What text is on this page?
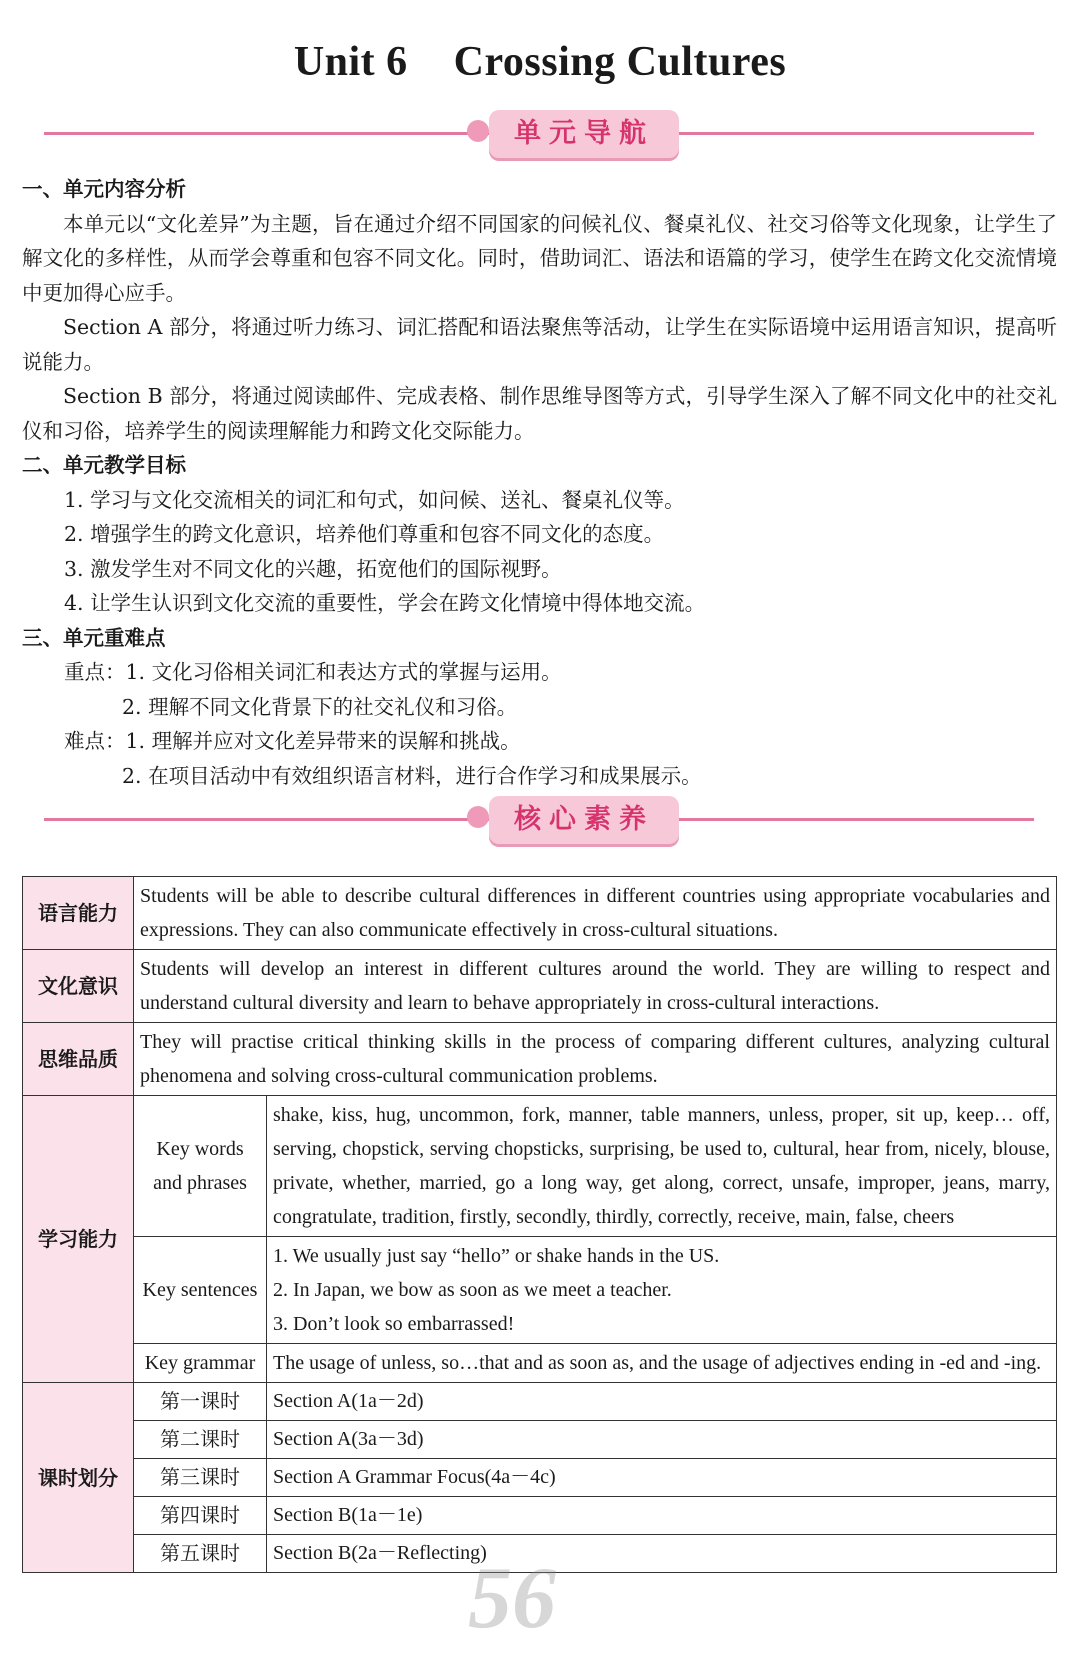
Unit 6 Crossing Cultures
单元导航
一、单元内容分析
本单元以“文化差异”为主题，旨在通过介绍不同国家的问候礼仪、餐桌礼仪、社交习俗等文化现象，让学生了解文化的多样性，从而学会尊重和包容不同文化。同时，借助词汇、语法和语篇的学习，使学生在跨文化交流情境中更加得心应手。
Section A 部分，将通过听力练习、词汇搭配和语法聚焦等活动，让学生在实际语境中运用语言知识，提高听说能力。
Section B 部分，将通过阅读邮件、完成表格、制作思维导图等方式，引导学生深入了解不同文化中的社交礼仪和习俗，培养学生的阅读理解能力和跨文化交际能力。
二、单元教学目标
1. 学习与文化交流相关的词汇和句式，如问候、送礼、餐桌礼仪等。
2. 增强学生的跨文化意识，培养他们尊重和包容不同文化的态度。
3. 激发学生对不同文化的兴趣，拓宽他们的国际视野。
4. 让学生认识到文化交流的重要性，学会在跨文化情境中得体地交流。
三、单元重难点
重点：1. 文化习俗相关词汇和表达方式的掌握与运用。
2. 理解不同文化背景下的社交礼仪和习俗。
难点：1. 理解并应对文化差异带来的误解和挑战。
2. 在项目活动中有效组织语言材料，进行合作学习和成果展示。
核心素养
语言能力	Students will be able to describe cultural differences in different countries using appropriate vocabularies and expressions. They can also communicate effectively in cross-cultural situations.	
文化意识	Students will develop an interest in different cultures around the world. They are willing to respect and understand cultural diversity and learn to behave appropriately in cross-cultural interactions.	
思维品质	They will practise critical thinking skills in the process of comparing different cultures, analyzing cultural phenomena and solving cross-cultural communication problems.	
学习能力	Key words and phrases	shake, kiss, hug, uncommon, fork, manner, table manners, unless, proper, sit up, keep… off, serving, chopstick, serving chopsticks, surprising, be used to, cultural, hear from, nicely, blouse, private, whether, married, go a long way, get along, correct, unsafe, improper, jeans, marry, congratulate, tradition, firstly, secondly, thirdly, correctly, receive, main, false, cheers
	Key sentences	1. We usually just say “hello” or shake hands in the US.
2. In Japan, we bow as soon as we meet a teacher.
3. Don’t look so embarrassed!

	Key grammar	The usage of unless, so…that and as soon as, and the usage of adjectives ending in -ed and -ing.
课时划分	第一课时	Section A(1a－2d)
	第二课时	Section A(3a－3d)
	第三课时	Section A Grammar Focus(4a－4c)
	第四课时	Section B(1a－1e)
	第五课时	Section B(2a－Reflecting)
56
